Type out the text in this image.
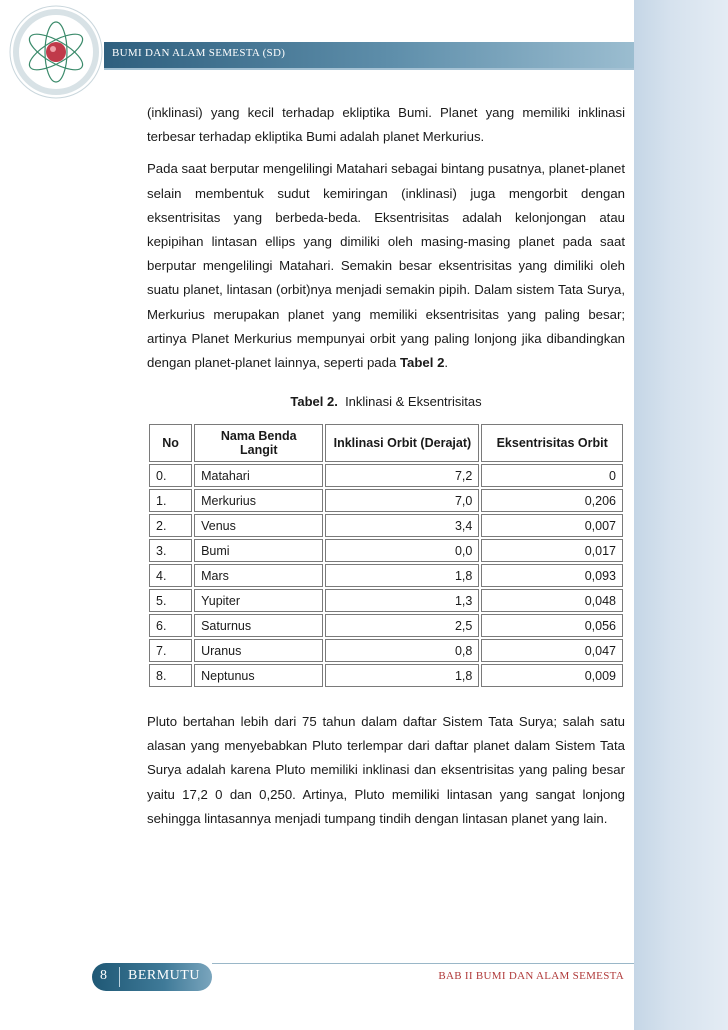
BUMI DAN ALAM SEMESTA (SD)

(inklinasi) yang kecil terhadap ekliptika Bumi. Planet yang memiliki inklinasi terbesar terhadap ekliptika Bumi adalah planet Merkurius.

Pada saat berputar mengelilingi Matahari sebagai bintang pusatnya, planet-planet selain membentuk sudut kemiringan (inklinasi) juga mengorbit dengan eksentrisitas yang berbeda-beda. Eksentrisitas adalah kelonjongan atau kepipihan lintasan ellips yang dimiliki oleh masing-masing planet pada saat berputar mengelilingi Matahari. Semakin besar eksentrisitas yang dimiliki oleh suatu planet, lintasan (orbit)nya menjadi semakin pipih. Dalam sistem Tata Surya, Merkurius merupakan planet yang memiliki eksentrisitas yang paling besar; artinya Planet Merkurius mempunyai orbit yang paling lonjong jika dibandingkan dengan planet-planet lainnya, seperti pada Tabel 2.

Tabel 2. Inklinasi & Eksentrisitas
No	Nama Benda Langit	Inklinasi Orbit (Derajat)	Eksentrisitas Orbit
0.	Matahari	7,2	0
1.	Merkurius	7,0	0,206
2.	Venus	3,4	0,007
3.	Bumi	0,0	0,017
4.	Mars	1,8	0,093
5.	Yupiter	1,3	0,048
6.	Saturnus	2,5	0,056
7.	Uranus	0,8	0,047
8.	Neptunus	1,8	0,009

Pluto bertahan lebih dari 75 tahun dalam daftar Sistem Tata Surya; salah satu alasan yang menyebabkan Pluto terlempar dari daftar planet dalam Sistem Tata Surya adalah karena Pluto memiliki inklinasi dan eksentrisitas yang paling besar yaitu 17,2 0 dan 0,250. Artinya, Pluto memiliki lintasan yang sangat lonjong sehingga lintasannya menjadi tumpang tindih dengan lintasan planet yang lain.

8 BERMUTU	BAB II BUMI DAN ALAM SEMESTA
